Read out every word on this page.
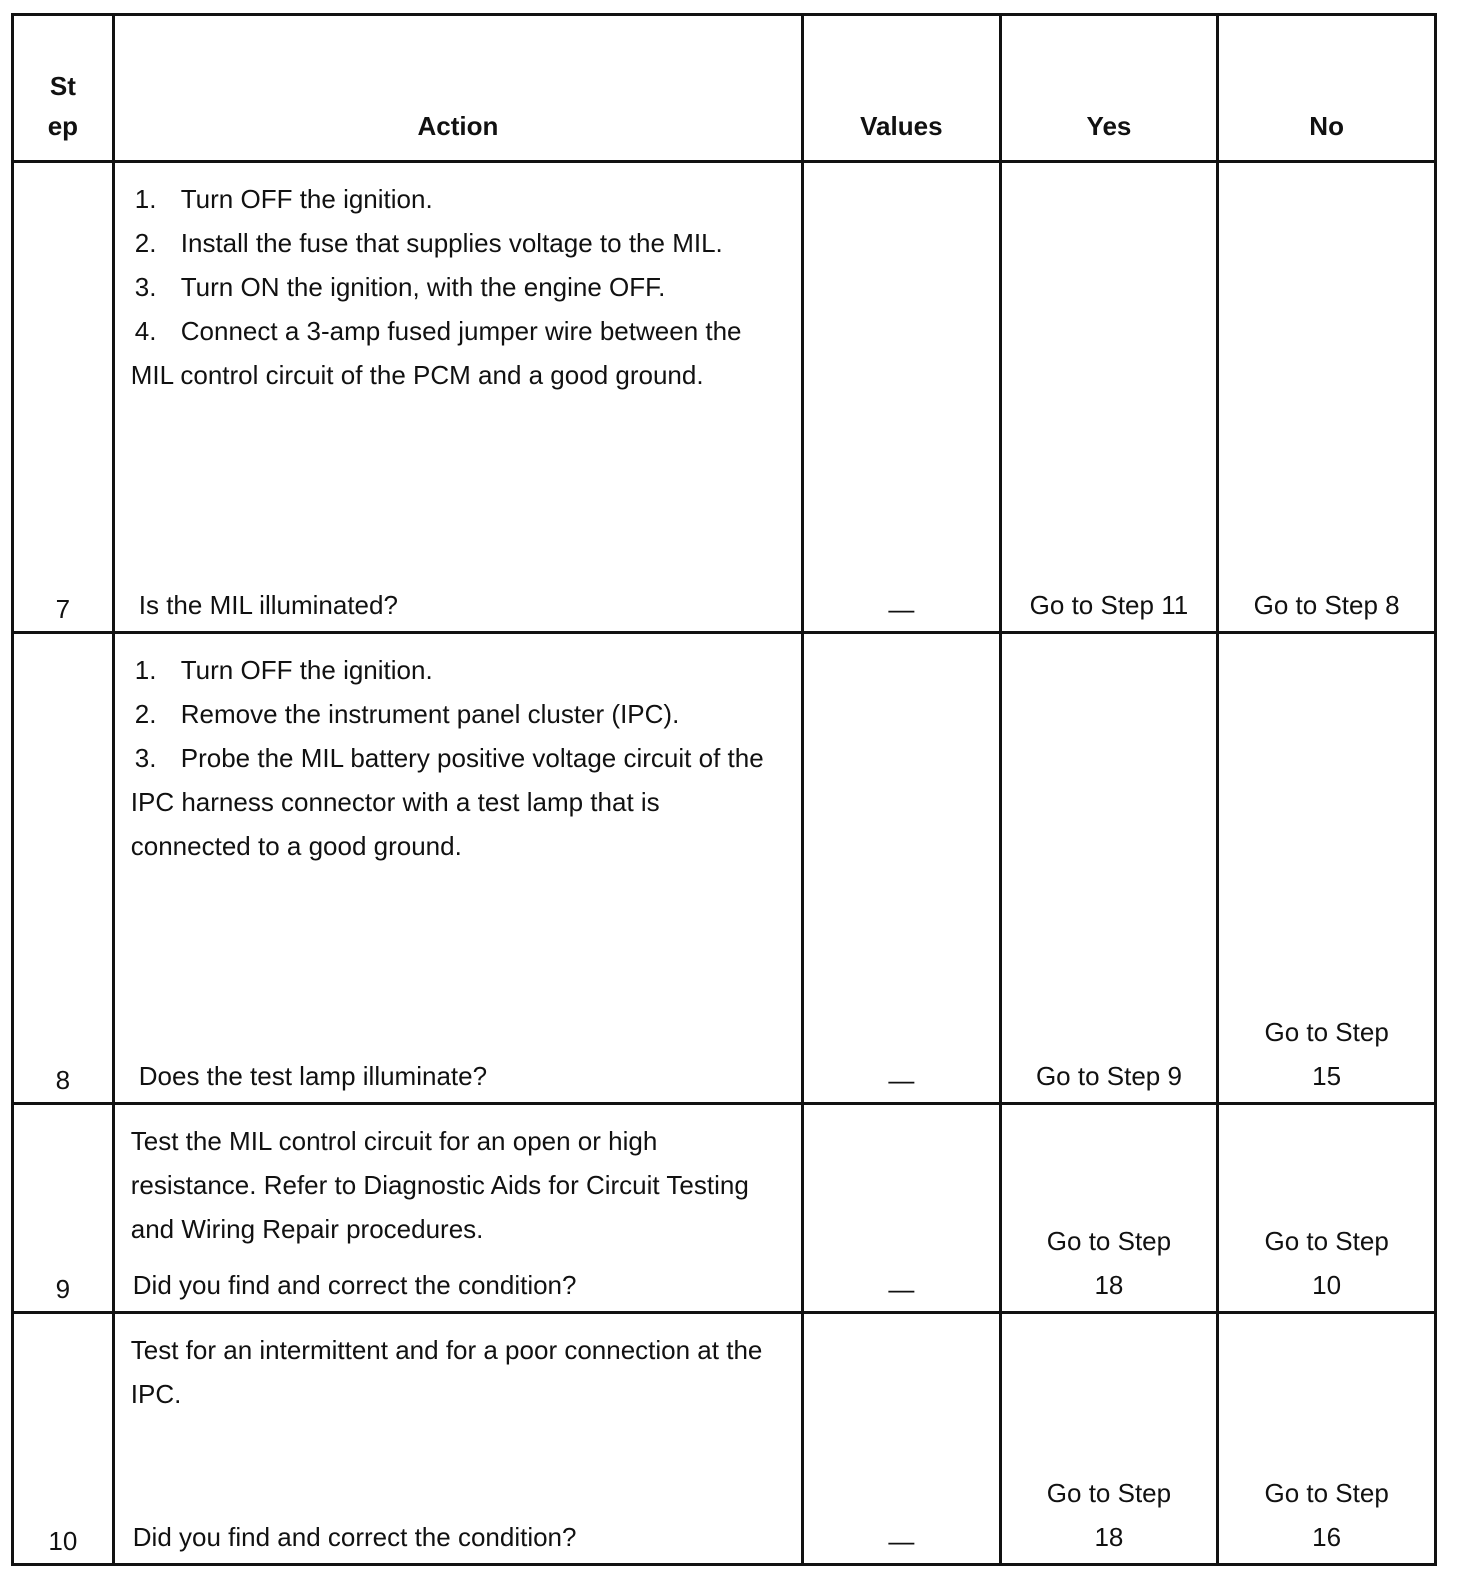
St
ep	Action	Values	Yes	No
7	1. Turn OFF the ignition.
2. Install the fuse that supplies voltage to the MIL.
3. Turn ON the ignition, with the engine OFF.
4. Connect a 3-amp fused jumper wire between the MIL control circuit of the PCM and a good ground.
Is the MIL illuminated?	—	Go to Step 11	Go to Step 8
8	1. Turn OFF the ignition.
2. Remove the instrument panel cluster (IPC).
3. Probe the MIL battery positive voltage circuit of the IPC harness connector with a test lamp that is connected to a good ground.
Does the test lamp illuminate?	—	Go to Step 9	Go to Step 15
9	Test the MIL control circuit for an open or high resistance. Refer to Diagnostic Aids for Circuit Testing and Wiring Repair procedures.
Did you find and correct the condition?	—	Go to Step 18	Go to Step 10
10	Test for an intermittent and for a poor connection at the IPC.
Did you find and correct the condition?	—	Go to Step 18	Go to Step 16
